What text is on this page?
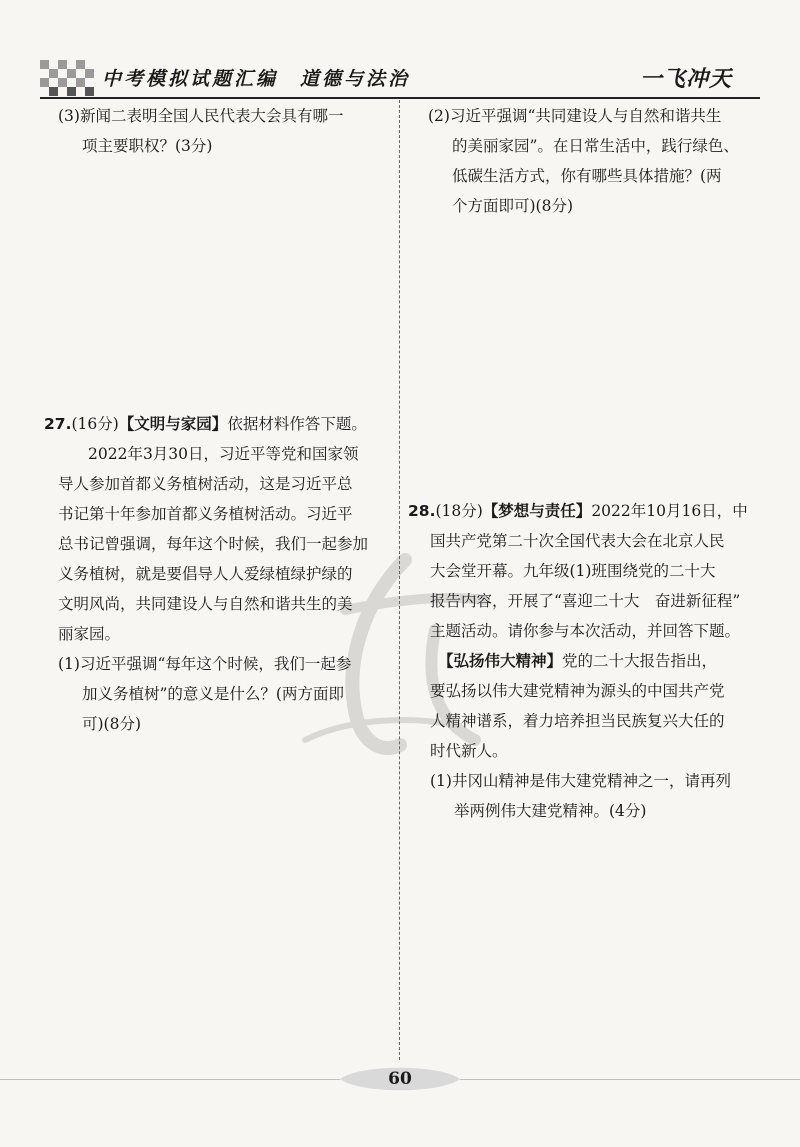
中考模拟试题汇编　道德与法治	一飞冲天

(3)新闻二表明全国人民代表大会具有哪一

项主要职权？(3分)

27.(16分)【文明与家园】依据材料作答下题。

2022年3月30日，习近平等党和国家领

导人参加首都义务植树活动，这是习近平总

书记第十年参加首都义务植树活动。习近平

总书记曾强调，每年这个时候，我们一起参加

义务植树，就是要倡导人人爱绿植绿护绿的

文明风尚，共同建设人与自然和谐共生的美

丽家园。

(1)习近平强调“每年这个时候，我们一起参

加义务植树”的意义是什么？(两方面即

可)(8分)

(2)习近平强调“共同建设人与自然和谐共生

的美丽家园”。在日常生活中，践行绿色、

低碳生活方式，你有哪些具体措施？(两

个方面即可)(8分)

28.(18分)【梦想与责任】2022年10月16日，中

国共产党第二十次全国代表大会在北京人民

大会堂开幕。九年级(1)班围绕党的二十大

报告内容，开展了“喜迎二十大　奋进新征程”

主题活动。请你参与本次活动，并回答下题。

【弘扬伟大精神】党的二十大报告指出，

要弘扬以伟大建党精神为源头的中国共产党

人精神谱系，着力培养担当民族复兴大任的

时代新人。

(1)井冈山精神是伟大建党精神之一，请再列

举两例伟大建党精神。(4分)

60
